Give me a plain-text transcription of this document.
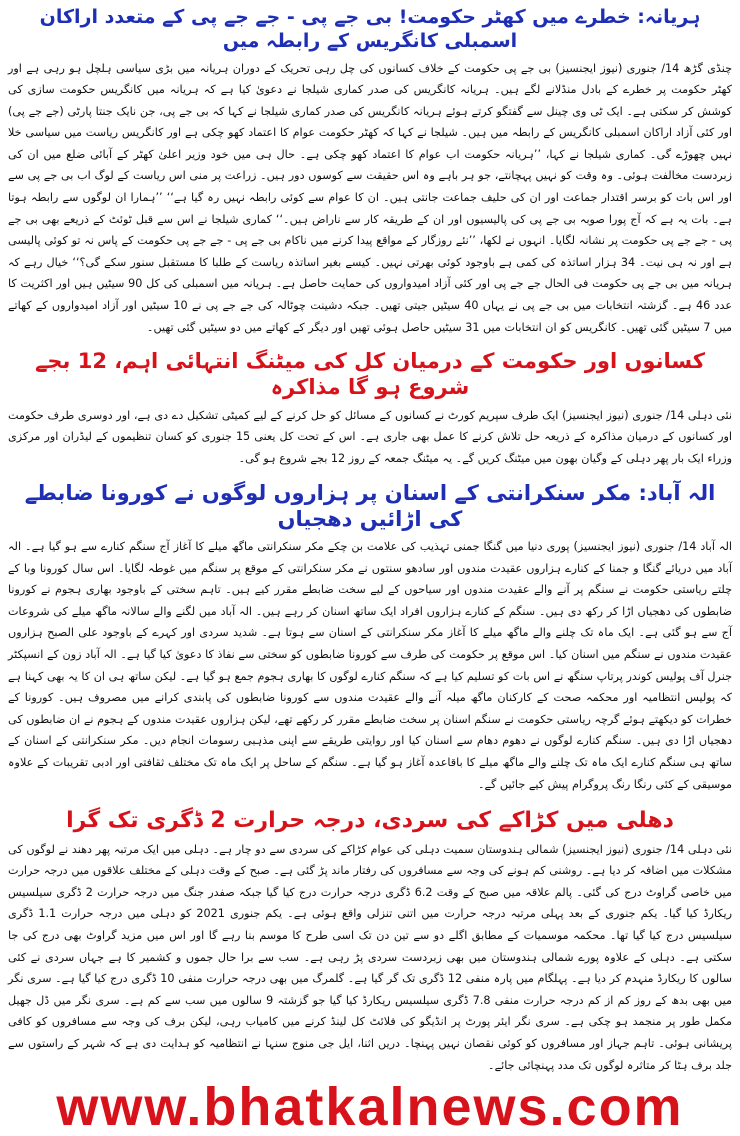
ہریانہ: خطرے میں کھٹر حکومت! بی جے پی - جے جے پی کے متعدد اراکان اسمبلی کانگریس کے رابطہ میں

چنڈی گڑھ 14/ جنوری (نیوز ایجنسیز) بی جے پی حکومت کے خلاف کسانوں کی چل رہی تحریک کے دوران ہریانہ میں بڑی سیاسی ہلچل ہو رہی ہے اور کھٹر حکومت پر خطرے کے بادل منڈلانے لگے ہیں۔ ہریانہ کانگریس کی صدر کماری شیلجا نے دعویٰ کیا ہے کہ ہریانہ میں کانگریس حکومت سازی کی کوشش کر سکتی ہے۔ ایک ٹی وی چینل سے گفتگو کرتے ہوئے ہریانہ کانگریس کی صدر کماری شیلجا نے کہا کہ بی جے پی، جن نایک جنتا پارٹی (جے جے پی) اور کئی آزاد اراکان اسمبلی کانگریس کے رابطہ میں ہیں۔ شیلجا نے کہا کہ کھٹر حکومت عوام کا اعتماد کھو چکی ہے اور کانگریس ریاست میں سیاسی خلا نہیں چھوڑے گی۔ کماری شیلجا نے کہا، ’’ہریانہ حکومت اب عوام کا اعتماد کھو چکی ہے۔ حال ہی میں خود وزیر اعلیٰ کھٹر کے آبائی ضلع میں ان کی زبردست مخالفت ہوئی۔ وہ وقت کو نہیں پہچانتے، جو ہر باہے وہ اس حقیقت سے کوسوں دور ہیں۔ زراعت پر منی اس ریاست کے لوگ اب بی جے پی سے اور اس بات کو برسر اقتدار جماعت اور ان کی حلیف جماعت جانتی ہیں۔ ان کا عوام سے کوئی رابطہ نہیں رہ گیا ہے‘‘ ’’ہمارا ان لوگوں سے رابطہ ہوتا ہے۔ بات یہ ہے کہ آج پورا صوبہ بی جے پی کی پالیسیوں اور ان کے طریقہ کار سے ناراض ہیں۔‘‘ کماری شیلجا نے اس سے قبل ٹوئٹ کے ذریعے بھی بی جے پی - جے جے پی حکومت پر نشانہ لگایا۔ انہوں نے لکھا، ’’نئے روزگار کے مواقع پیدا کرنے میں ناکام بی جے پی - جے جے پی حکومت کے پاس نہ تو کوئی پالیسی ہے اور نہ ہی نیت۔ 34 ہزار اساتذہ کی کمی ہے باوجود کوئی بھرتی نہیں۔ کیسے بغیر اساتذہ ریاست کے طلبا کا مستقبل سنور سکے گی؟‘‘ خیال رہے کہ ہریانہ میں بی جے پی حکومت فی الحال جے جے پی اور کئی آزاد امیدواروں کی حمایت حاصل ہے۔ ہریانہ میں اسمبلی کی کل 90 سیٹیں ہیں اور اکثریت کا عدد 46 ہے۔ گزشتہ انتخابات میں بی جے پی نے یہاں 40 سیٹیں جیتی تھیں۔ جبکہ دشینت چوٹالہ کی جے جے پی نے 10 سیٹیں اور آزاد امیدواروں کے کھاتے میں 7 سیٹیں گئی تھیں۔ کانگریس کو ان انتخابات میں 31 سیٹیں حاصل ہوئی تھیں اور دیگر کے کھاتے میں دو سیٹیں گئی تھیں۔

کسانوں اور حکومت کے درمیان کل کی میٹنگ انتہائی اہم، 12 بجے شروع ہو گا مذاکرہ

نئی دہلی 14/ جنوری (نیوز ایجنسیز) ایک طرف سپریم کورٹ نے کسانوں کے مسائل کو حل کرنے کے لیے کمیٹی تشکیل دے دی ہے، اور دوسری طرف حکومت اور کسانوں کے درمیان مذاکرہ کے ذریعہ حل تلاش کرنے کا عمل بھی جاری ہے۔ اس کے تحت کل یعنی 15 جنوری کو کسان تنظیموں کے لیڈران اور مرکزی وزراء ایک بار پھر دہلی کے وگیان بھون میں میٹنگ کریں گے۔ یہ میٹنگ جمعہ کے روز 12 بجے شروع ہو گی۔

الہ آباد: مکر سنکرانتی کے اسنان پر ہزاروں لوگوں نے کورونا ضابطے کی اڑائیں دھجیاں

الہ آباد 14/ جنوری (نیوز ایجنسیز) پوری دنیا میں گنگا جمنی تہذیب کی علامت بن چکے مکر سنکرانتی ماگھ میلے کا آغاز آج سنگم کنارے سے ہو گیا ہے۔ الہ آباد میں دریائے گنگا و جمنا کے کنارے ہزاروں عقیدت مندوں اور سادھو سنتوں نے مکر سنکرانتی کے موقع پر سنگم میں غوطہ لگایا۔ اس سال کورونا وبا کے چلتے ریاستی حکومت نے سنگم پر آنے والے عقیدت مندوں اور سیاحوں کے لیے سخت ضابطے مقرر کیے ہیں۔ تاہم سختی کے باوجود بھاری ہجوم نے کورونا ضابطوں کی دھجیاں اڑا کر رکھ دی ہیں۔ سنگم کے کنارے ہزاروں افراد ایک ساتھ اسنان کر رہے ہیں۔ الہ آباد میں لگنے والے سالانہ ماگھ میلے کی شروعات آج سے ہو گئی ہے۔ ایک ماہ تک چلنے والے ماگھ میلے کا آغاز مکر سنکرانتی کے اسنان سے ہوتا ہے۔ شدید سردی اور کہرے کے باوجود علی الصبح ہزاروں عقیدت مندوں نے سنگم میں اسنان کیا۔ اس موقع پر حکومت کی طرف سے کورونا ضابطوں کو سختی سے نفاذ کا دعویٰ کیا گیا ہے۔ الہ آباد زون کے انسپکٹر جنرل آف پولیس کوندر پرتاپ سنگھ نے اس بات کو تسلیم کیا ہے کہ سنگم کنارے لوگوں کا بھاری ہجوم جمع ہو گیا ہے۔ لیکن ساتھ ہی ان کا یہ بھی کہنا ہے کہ پولیس انتظامیہ اور محکمہ صحت کے کارکنان ماگھ میلہ آنے والے عقیدت مندوں سے کورونا ضابطوں کی پابندی کرانے میں مصروف ہیں۔ کورونا کے خطرات کو دیکھتے ہوئے گرچہ ریاستی حکومت نے سنگم اسنان پر سخت ضابطے مقرر کر رکھے تھے، لیکن ہزاروں عقیدت مندوں کے ہجوم نے ان ضابطوں کی دھجیاں اڑا دی ہیں۔ سنگم کنارے لوگوں نے دھوم دھام سے اسنان کیا اور روایتی طریقے سے اپنی مذہبی رسومات انجام دیں۔ مکر سنکرانتی کے اسنان کے ساتھ ہی سنگم کنارے ایک ماہ تک چلنے والے ماگھ میلے کا باقاعدہ آغاز ہو گیا ہے۔ سنگم کے ساحل پر ایک ماہ تک مختلف ثقافتی اور ادبی تقریبات کے علاوہ موسیقی کے کئی رنگا رنگ پروگرام پیش کیے جائیں گے۔

دھلی میں کڑاکے کی سردی، درجہ حرارت 2 ڈگری تک گرا

نئی دہلی 14/ جنوری (نیوز ایجنسیز) شمالی ہندوستان سمیت دہلی کی عوام کڑاکے کی سردی سے دو چار ہے۔ دہلی میں ایک مرتبہ پھر دھند نے لوگوں کی مشکلات میں اضافہ کر دیا ہے۔ روشنی کم ہونے کی وجہ سے مسافروں کی رفتار ماند پڑ گئی ہے۔ صبح کے وقت دہلی کے مختلف علاقوں میں درجہ حرارت میں خاصی گراوٹ درج کی گئی۔ پالم علاقہ میں صبح کے وقت 6.2 ڈگری درجہ حرارت درج کیا گیا جبکہ صفدر جنگ میں درجہ حرارت 2 ڈگری سیلسیس ریکارڈ کیا گیا۔ یکم جنوری کے بعد پہلی مرتبہ درجہ حرارت میں اتنی تنزلی واقع ہوئی ہے۔ یکم جنوری 2021 کو دہلی میں درجہ حرارت 1.1 ڈگری سیلسیس درج کیا گیا تھا۔ محکمہ موسمیات کے مطابق اگلے دو سے تین دن تک اسی طرح کا موسم بنا رہے گا اور اس میں مزید گراوٹ بھی درج کی جا سکتی ہے۔ دہلی کے علاوہ پورے شمالی ہندوستان میں بھی زبردست سردی پڑ رہی ہے۔ سب سے برا حال جموں و کشمیر کا ہے جہاں سردی نے کئی سالوں کا ریکارڈ منہدم کر دیا ہے۔ پہلگام میں پارہ منفی 12 ڈگری تک گر گیا ہے۔ گلمرگ میں بھی درجہ حرارت منفی 10 ڈگری درج کیا گیا ہے۔ سری نگر میں بھی بدھ کے روز کم از کم درجہ حرارت منفی 7.8 ڈگری سیلسیس ریکارڈ کیا گیا جو گزشتہ 9 سالوں میں سب سے کم ہے۔ سری نگر میں ڈل جھیل مکمل طور پر منجمد ہو چکی ہے۔ سری نگر ایئر پورٹ پر انڈیگو کی فلائٹ کل لینڈ کرنے میں کامیاب رہی، لیکن برف کی وجہ سے مسافروں کو کافی پریشانی ہوئی۔ تاہم جہاز اور مسافروں کو کوئی نقصان نہیں پہنچا۔ دریں اثنا، ایل جی منوج سنہا نے انتظامیہ کو ہدایت دی ہے کہ شہر کے راستوں سے جلد برف ہٹا کر متاثرہ لوگوں تک مدد پہنچائی جائے۔

www.bhatkalnews.com
